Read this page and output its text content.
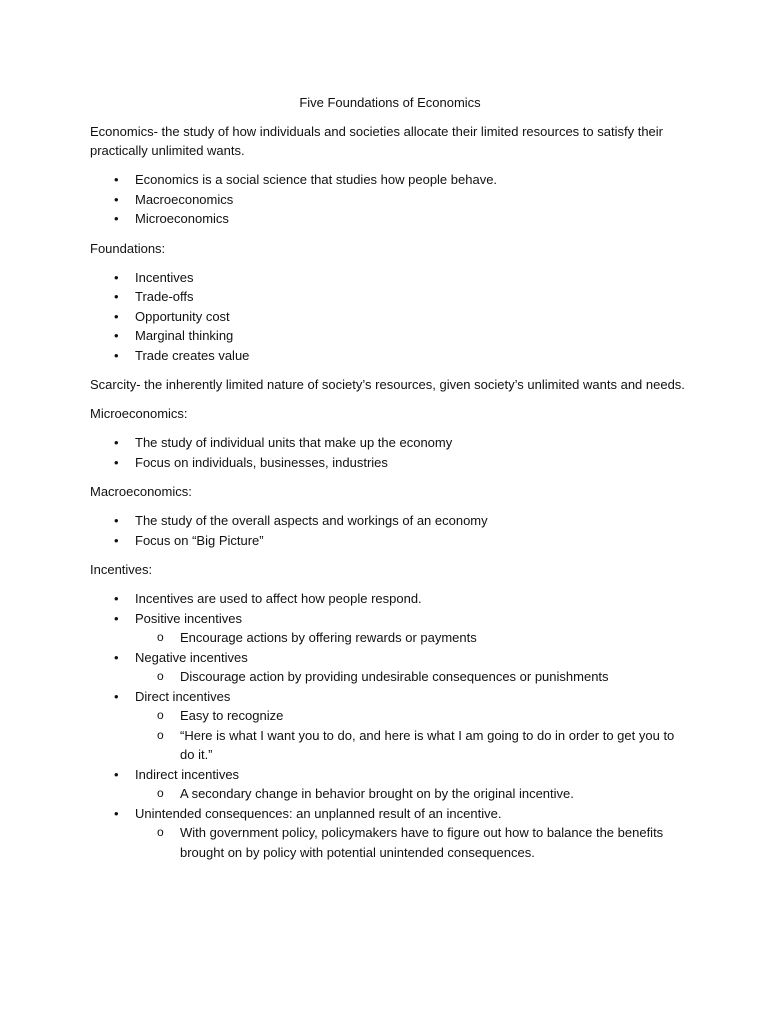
Five Foundations of Economics

Economics- the study of how individuals and societies allocate their limited resources to satisfy their practically unlimited wants.

• Economics is a social science that studies how people behave.
• Macroeconomics
• Microeconomics

Foundations:

• Incentives
• Trade-offs
• Opportunity cost
• Marginal thinking
• Trade creates value

Scarcity- the inherently limited nature of society’s resources, given society’s unlimited wants and needs.

Microeconomics:

• The study of individual units that make up the economy
• Focus on individuals, businesses, industries

Macroeconomics:

• The study of the overall aspects and workings of an economy
• Focus on “Big Picture”

Incentives:

• Incentives are used to affect how people respond.
• Positive incentives
o Encourage actions by offering rewards or payments
• Negative incentives
o Discourage action by providing undesirable consequences or punishments
• Direct incentives
o Easy to recognize
o “Here is what I want you to do, and here is what I am going to do in order to get you to do it.”
• Indirect incentives
o A secondary change in behavior brought on by the original incentive.
• Unintended consequences: an unplanned result of an incentive.
o With government policy, policymakers have to figure out how to balance the benefits brought on by policy with potential unintended consequences.
